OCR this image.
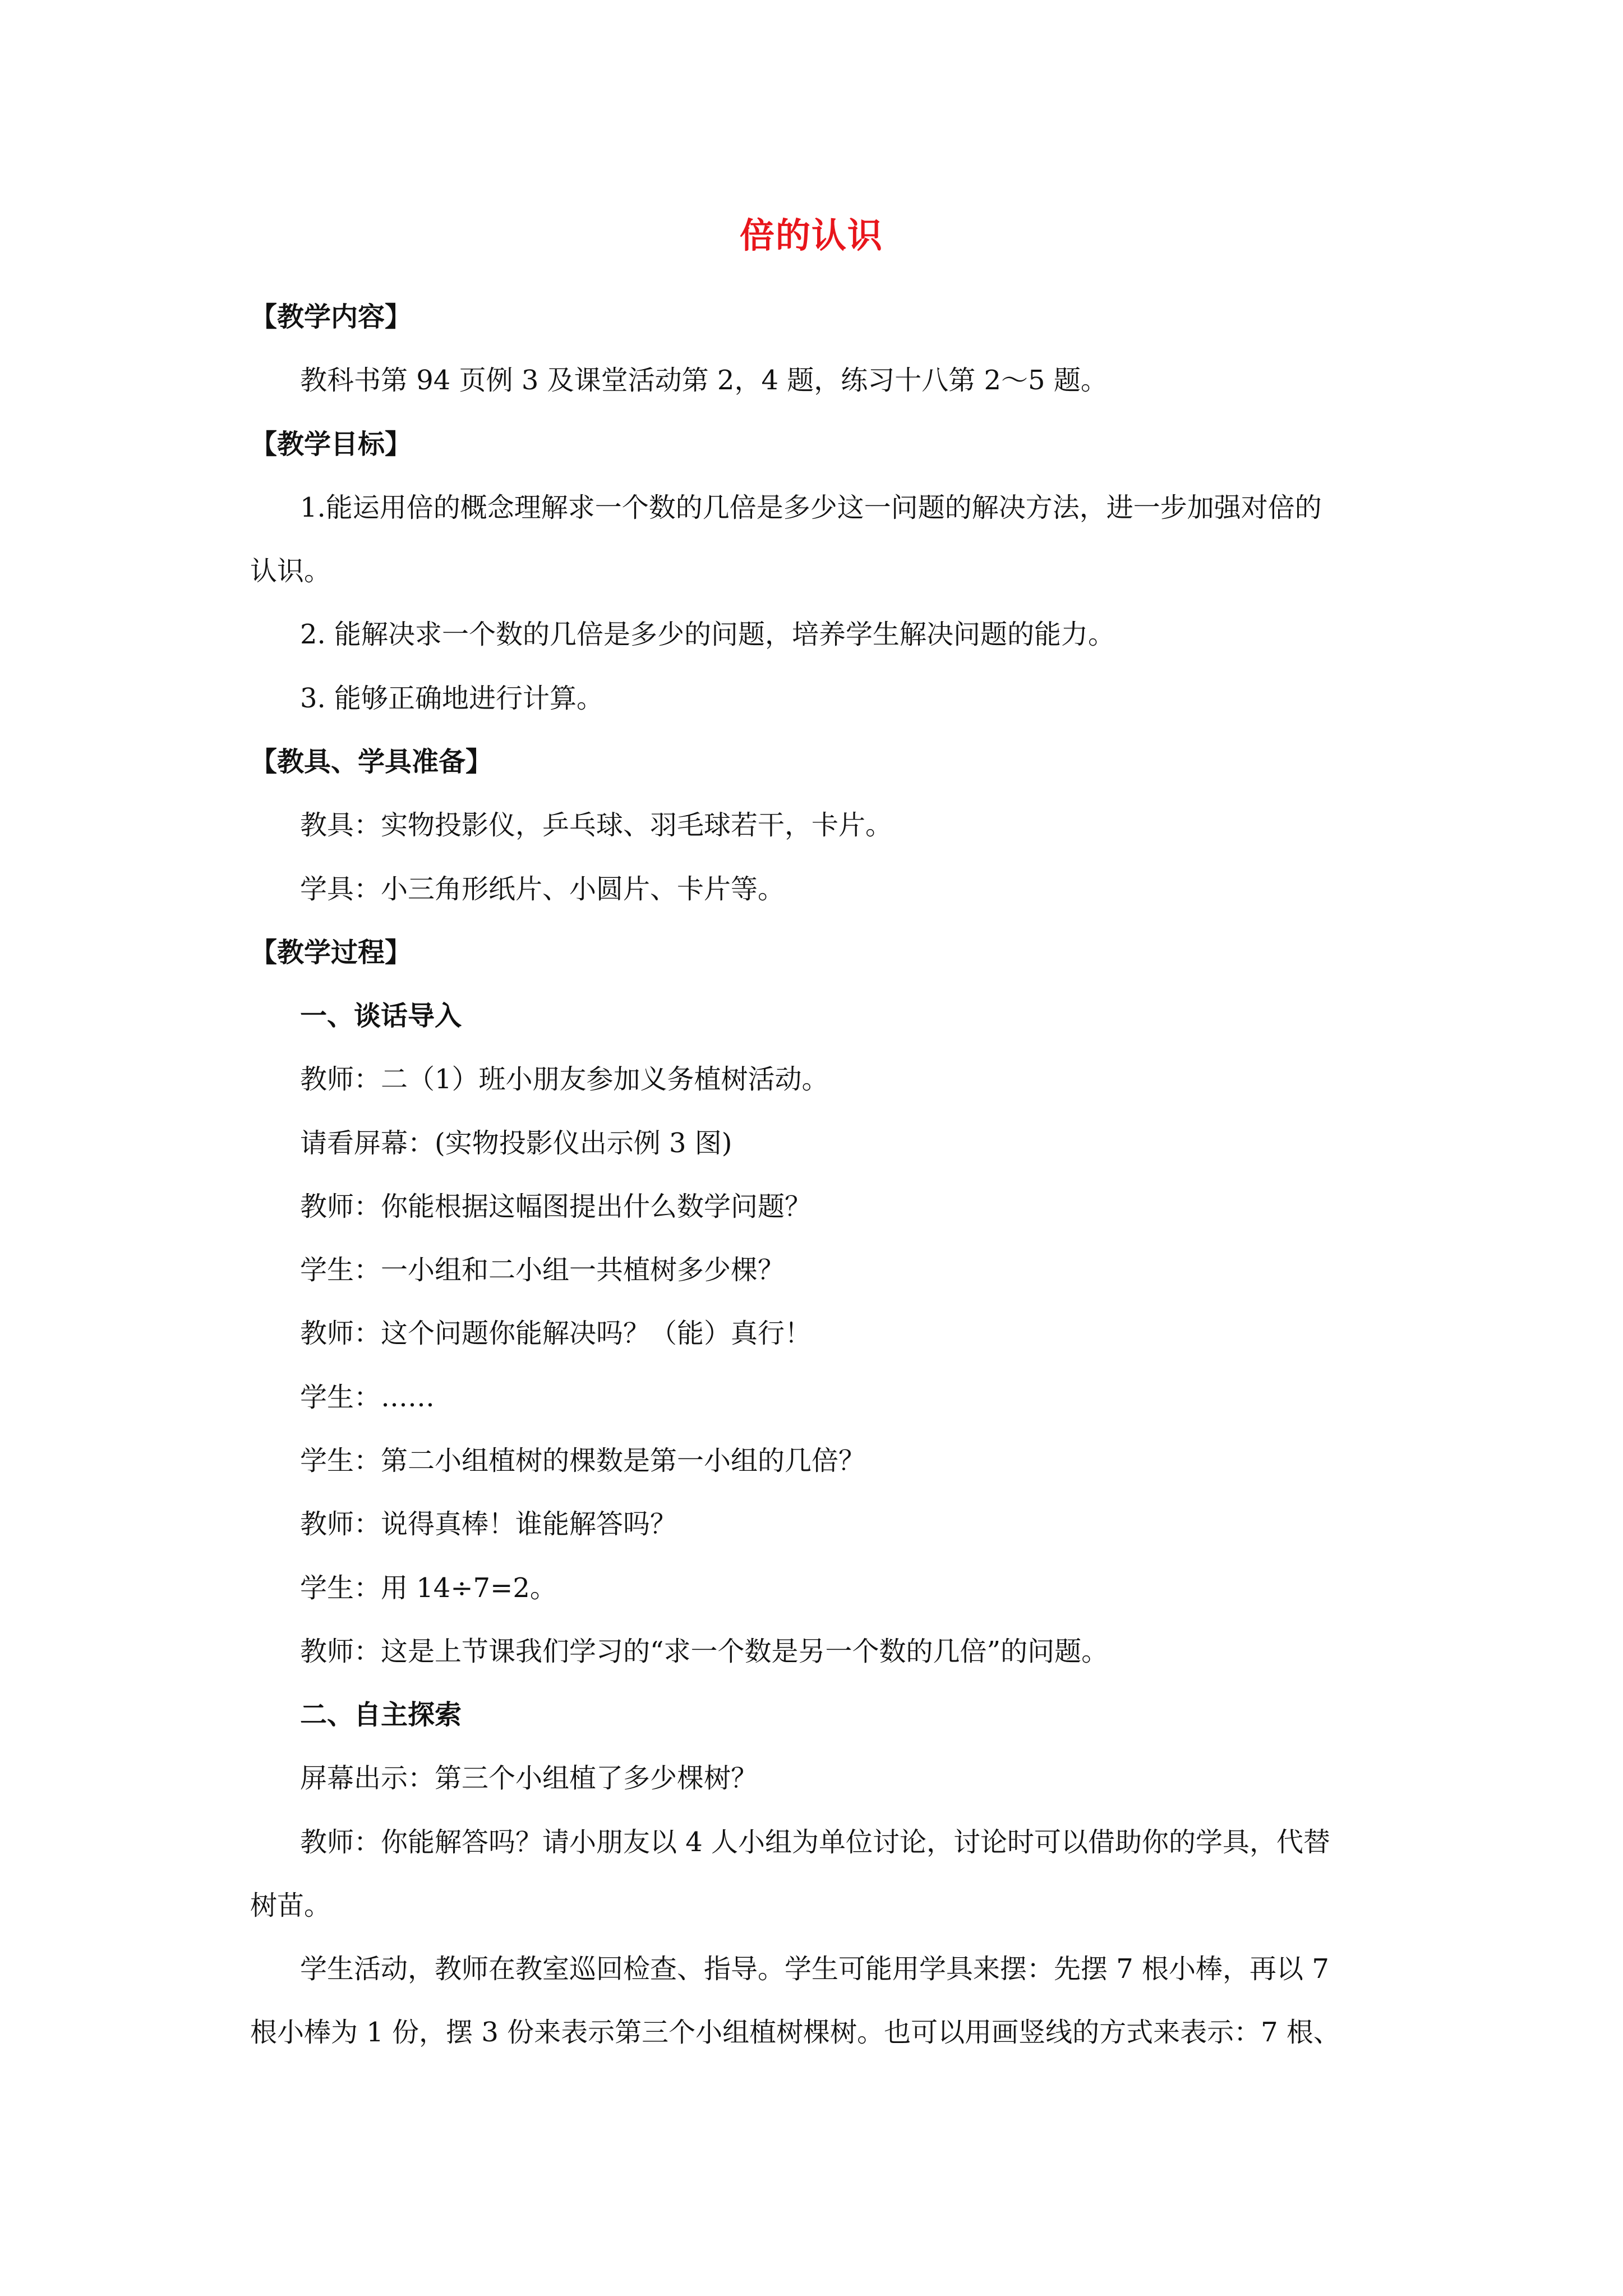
倍的认识
【教学内容】
教科书第 94 页例 3 及课堂活动第 2，4 题，练习十八第 2～5 题。
【教学目标】
1.能运用倍的概念理解求一个数的几倍是多少这一问题的解决方法，进一步加强对倍的
认识。
2. 能解决求一个数的几倍是多少的问题，培养学生解决问题的能力。
3. 能够正确地进行计算。
【教具、学具准备】
教具：实物投影仪，乒乓球、羽毛球若干，卡片。
学具：小三角形纸片、小圆片、卡片等。
【教学过程】
一、谈话导入
教师：二（1）班小朋友参加义务植树活动。
请看屏幕：(实物投影仪出示例 3 图)
教师：你能根据这幅图提出什么数学问题？
学生：一小组和二小组一共植树多少棵？
教师：这个问题你能解决吗？（能）真行！
学生：……
学生：第二小组植树的棵数是第一小组的几倍？
教师：说得真棒！谁能解答吗？
学生：用 14÷7=2。
教师：这是上节课我们学习的“求一个数是另一个数的几倍”的问题。
二、自主探索
屏幕出示：第三个小组植了多少棵树？
教师：你能解答吗？请小朋友以 4 人小组为单位讨论，讨论时可以借助你的学具，代替
树苗。
学生活动，教师在教室巡回检查、指导。学生可能用学具来摆：先摆 7 根小棒，再以 7
根小棒为 1 份，摆 3 份来表示第三个小组植树棵树。也可以用画竖线的方式来表示：7 根、
